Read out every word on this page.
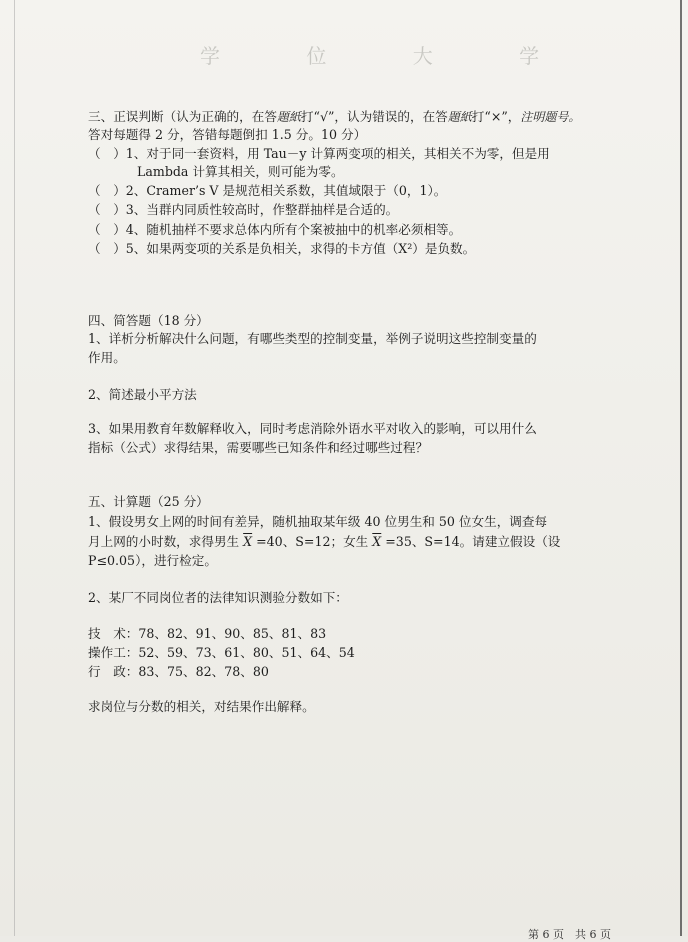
学 位 大 学
三、正误判断（认为正确的，在答題紙打“√”，认为错误的，在答題紙打“×”，注明题号。
答对每题得 2 分，答错每题倒扣 1.5 分。10 分）
（　）1、对于同一套资料，用 Tau－y 计算两变项的相关，其相关不为零，但是用
Lambda 计算其相关，则可能为零。
（　）2、Cramer’s V 是规范相关系数，其值域限于（0，1）。
（　）3、当群内同质性较高时，作整群抽样是合适的。
（　）4、随机抽样不要求总体内所有个案被抽中的机率必须相等。
（　）5、如果两变项的关系是负相关，求得的卡方值（X²）是负数。
四、简答题（18 分）
1、详析分析解决什么问题，有哪些类型的控制变量，举例子说明这些控制变量的
作用。
2、简述最小平方法
3、如果用教育年数解释收入，同时考虑消除外语水平对收入的影响，可以用什么
指标（公式）求得结果，需要哪些已知条件和经过哪些过程？
五、计算题（25 分）
1、假设男女上网的时间有差异，随机抽取某年级 40 位男生和 50 位女生，调查每
月上网的小时数，求得男生 $\overline{X} =40$、S=12；女生 $\overline{X} =35$、S=14。请建立假设（设
P≤0.05），进行检定。
2、某厂不同岗位者的法律知识测验分数如下：
技　术：78、82、91、90、85、81、83
操作工：52、59、73、61、80、51、64、54
行　政：83、75、82、78、80
求岗位与分数的相关，对结果作出解释。
第 6 页　共 6 页
